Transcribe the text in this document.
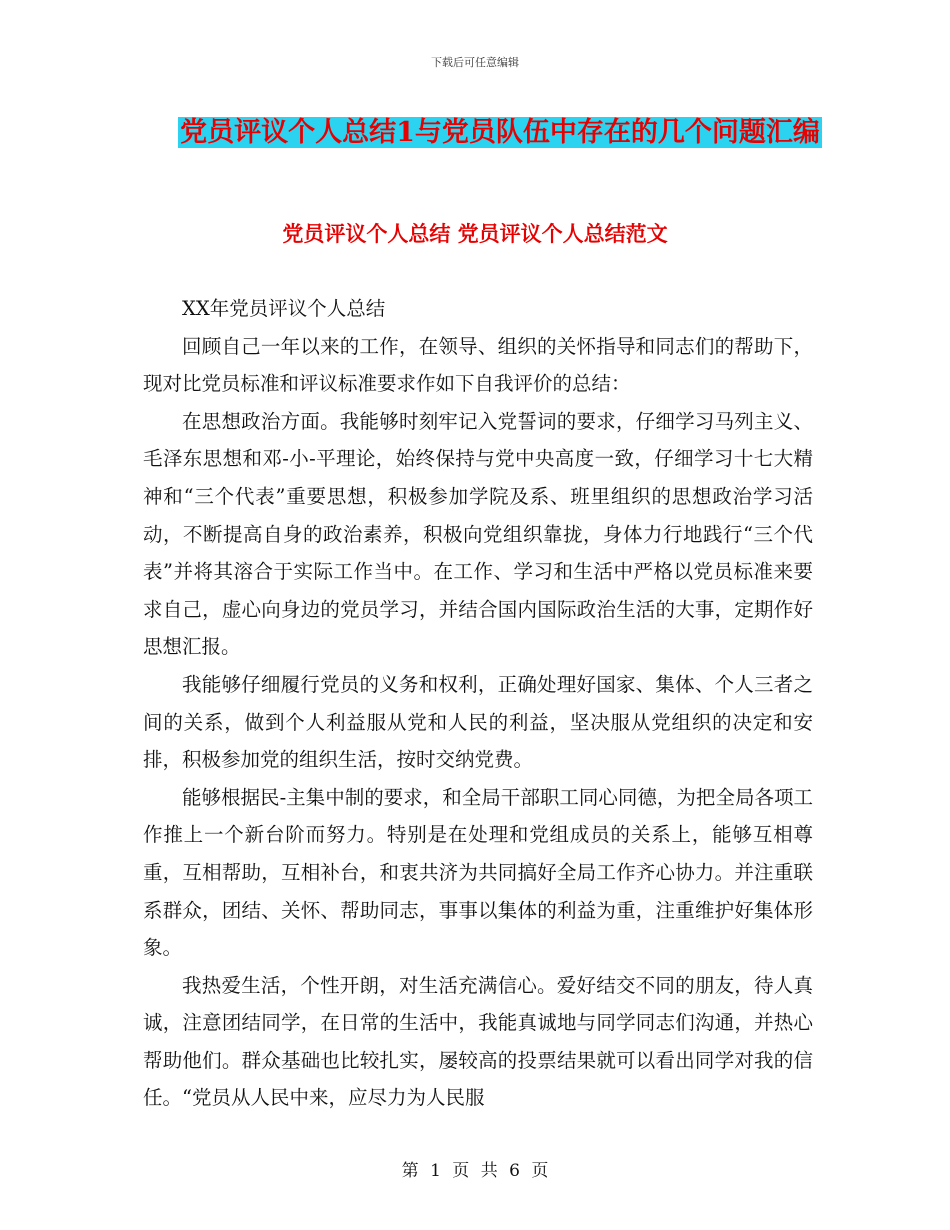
下载后可任意编辑
党员评议个人总结1与党员队伍中存在的几个问题汇编
党员评议个人总结 党员评议个人总结范文

XX年党员评议个人总结

回顾自己一年以来的工作，在领导、组织的关怀指导和同志们的帮助下，现对比党员标准和评议标准要求作如下自我评价的总结：

在思想政治方面。我能够时刻牢记入党誓词的要求，仔细学习马列主义、毛泽东思想和邓-小-平理论，始终保持与党中央高度一致，仔细学习十七大精神和“三个代表”重要思想，积极参加学院及系、班里组织的思想政治学习活动，不断提高自身的政治素养，积极向党组织靠拢，身体力行地践行“三个代表”并将其溶合于实际工作当中。在工作、学习和生活中严格以党员标准来要求自己，虚心向身边的党员学习，并结合国内国际政治生活的大事，定期作好思想汇报。

我能够仔细履行党员的义务和权利，正确处理好国家、集体、个人三者之间的关系，做到个人利益服从党和人民的利益，坚决服从党组织的决定和安排，积极参加党的组织生活，按时交纳党费。

能够根据民-主集中制的要求，和全局干部职工同心同德，为把全局各项工作推上一个新台阶而努力。特别是在处理和党组成员的关系上，能够互相尊重，互相帮助，互相补台，和衷共济为共同搞好全局工作齐心协力。并注重联系群众，团结、关怀、帮助同志，事事以集体的利益为重，注重维护好集体形象。

我热爱生活，个性开朗，对生活充满信心。爱好结交不同的朋友，待人真诚，注意团结同学，在日常的生活中，我能真诚地与同学同志们沟通，并热心帮助他们。群众基础也比较扎实，屡较高的投票结果就可以看出同学对我的信任。“党员从人民中来，应尽力为人民服

第 1 页 共 6 页
